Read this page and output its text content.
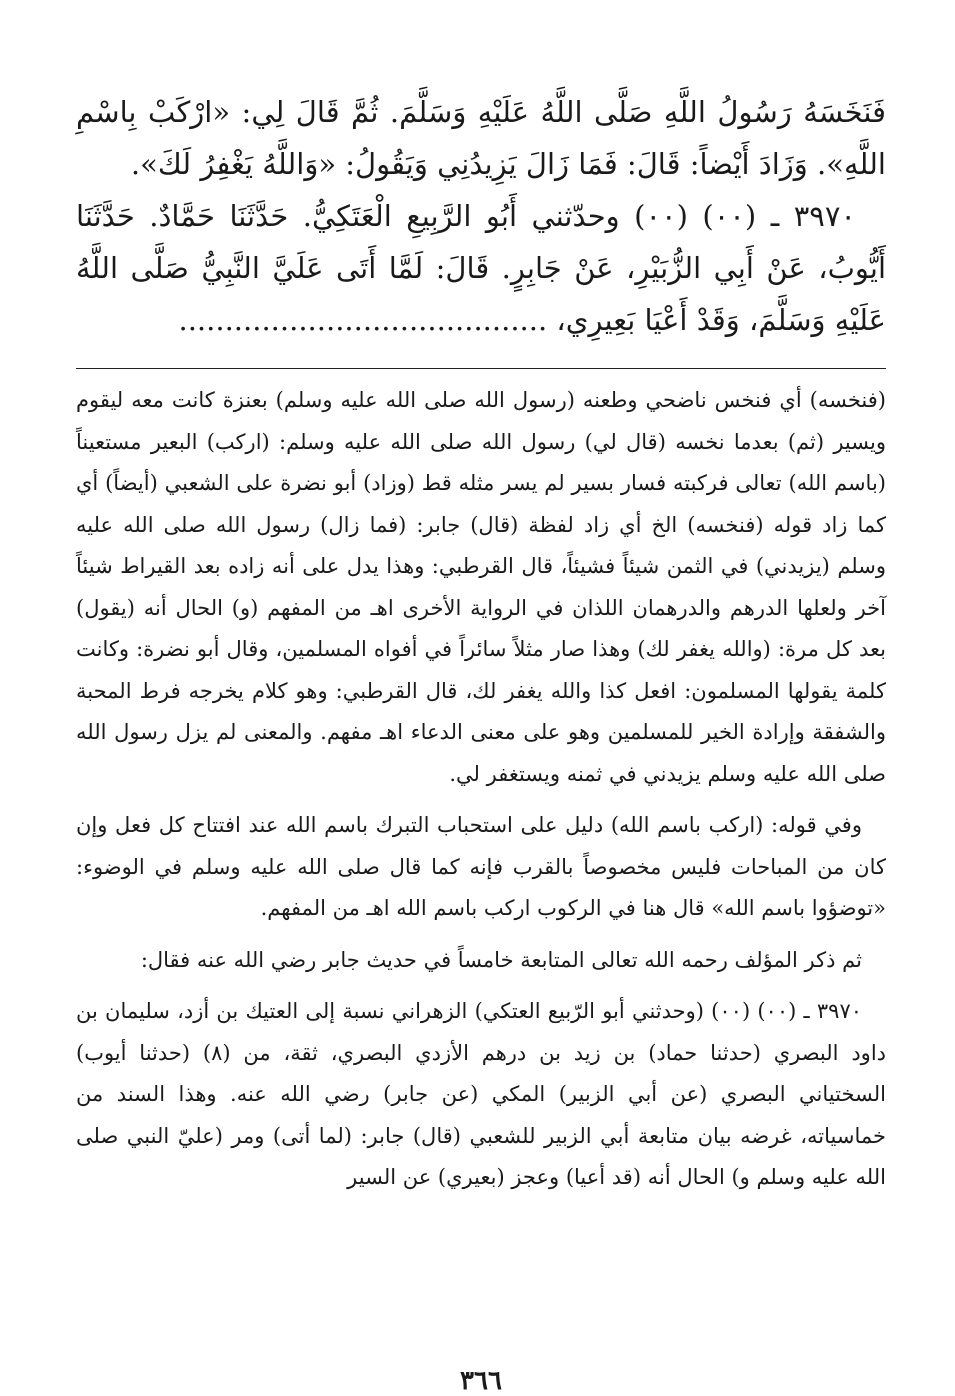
فَنَخَسَهُ رَسُولُ اللَّهِ صَلَّى اللَّهُ عَلَيْهِ وَسَلَّمَ. ثُمَّ قَالَ لِي: «ارْكَبْ بِاسْمِ اللَّهِ». وَزَادَ أَيْضاً: قَالَ: فَمَا زَالَ يَزِيدُنِي وَيَقُولُ: «وَاللَّهُ يَغْفِرُ لَكَ».

٣٩٧٠ ـ (٠٠) (٠٠) وحدّثني أَبُو الرَّبِيعِ الْعَتَكِيُّ. حَدَّثَنَا حَمَّادٌ. حَدَّثَنَا أَيُّوبُ، عَنْ أَبِي الزُّبَيْرِ، عَنْ جَابِرٍ. قَالَ: لَمَّا أَتَى عَلَيَّ النَّبِيُّ صَلَّى اللَّهُ عَلَيْهِ وَسَلَّمَ، وَقَدْ أَعْيَا بَعِيرِي، ........................................

(فنخسه) أي فنخس ناضحي وطعنه (رسول الله صلى الله عليه وسلم) بعنزة كانت معه ليقوم ويسير (ثم) بعدما نخسه (قال لي) رسول الله صلى الله عليه وسلم: (اركب) البعير مستعيناً (باسم الله) تعالى فركبته فسار بسير لم يسر مثله قط (وزاد) أبو نضرة على الشعبي (أيضاً) أي كما زاد قوله (فنخسه) الخ أي زاد لفظة (قال) جابر: (فما زال) رسول الله صلى الله عليه وسلم (يزيدني) في الثمن شيئاً فشيئاً، قال القرطبي: وهذا يدل على أنه زاده بعد القيراط شيئاً آخر ولعلها الدرهم والدرهمان اللذان في الرواية الأخرى اهـ من المفهم (و) الحال أنه (يقول) بعد كل مرة: (والله يغفر لك) وهذا صار مثلاً سائراً في أفواه المسلمين، وقال أبو نضرة: وكانت كلمة يقولها المسلمون: افعل كذا والله يغفر لك، قال القرطبي: وهو كلام يخرجه فرط المحبة والشفقة وإرادة الخير للمسلمين وهو على معنى الدعاء اهـ مفهم. والمعنى لم يزل رسول الله صلى الله عليه وسلم يزيدني في ثمنه ويستغفر لي.

وفي قوله: (اركب باسم الله) دليل على استحباب التبرك باسم الله عند افتتاح كل فعل وإن كان من المباحات فليس مخصوصاً بالقرب فإنه كما قال صلى الله عليه وسلم في الوضوء: «توضؤوا باسم الله» قال هنا في الركوب اركب باسم الله اهـ من المفهم.

ثم ذكر المؤلف رحمه الله تعالى المتابعة خامساً في حديث جابر رضي الله عنه فقال:

٣٩٧٠ ـ (٠٠) (٠٠) (وحدثني أبو الرّبيع العتكي) الزهراني نسبة إلى العتيك بن أزد، سليمان بن داود البصري (حدثنا حماد) بن زيد بن درهم الأزدي البصري، ثقة، من (٨) (حدثنا أيوب) السختياني البصري (عن أبي الزبير) المكي (عن جابر) رضي الله عنه. وهذا السند من خماسياته، غرضه بيان متابعة أبي الزبير للشعبي (قال) جابر: (لما أتى) ومر (عليّ النبي صلى الله عليه وسلم و) الحال أنه (قد أعيا) وعجز (بعيري) عن السير

٣٦٦
